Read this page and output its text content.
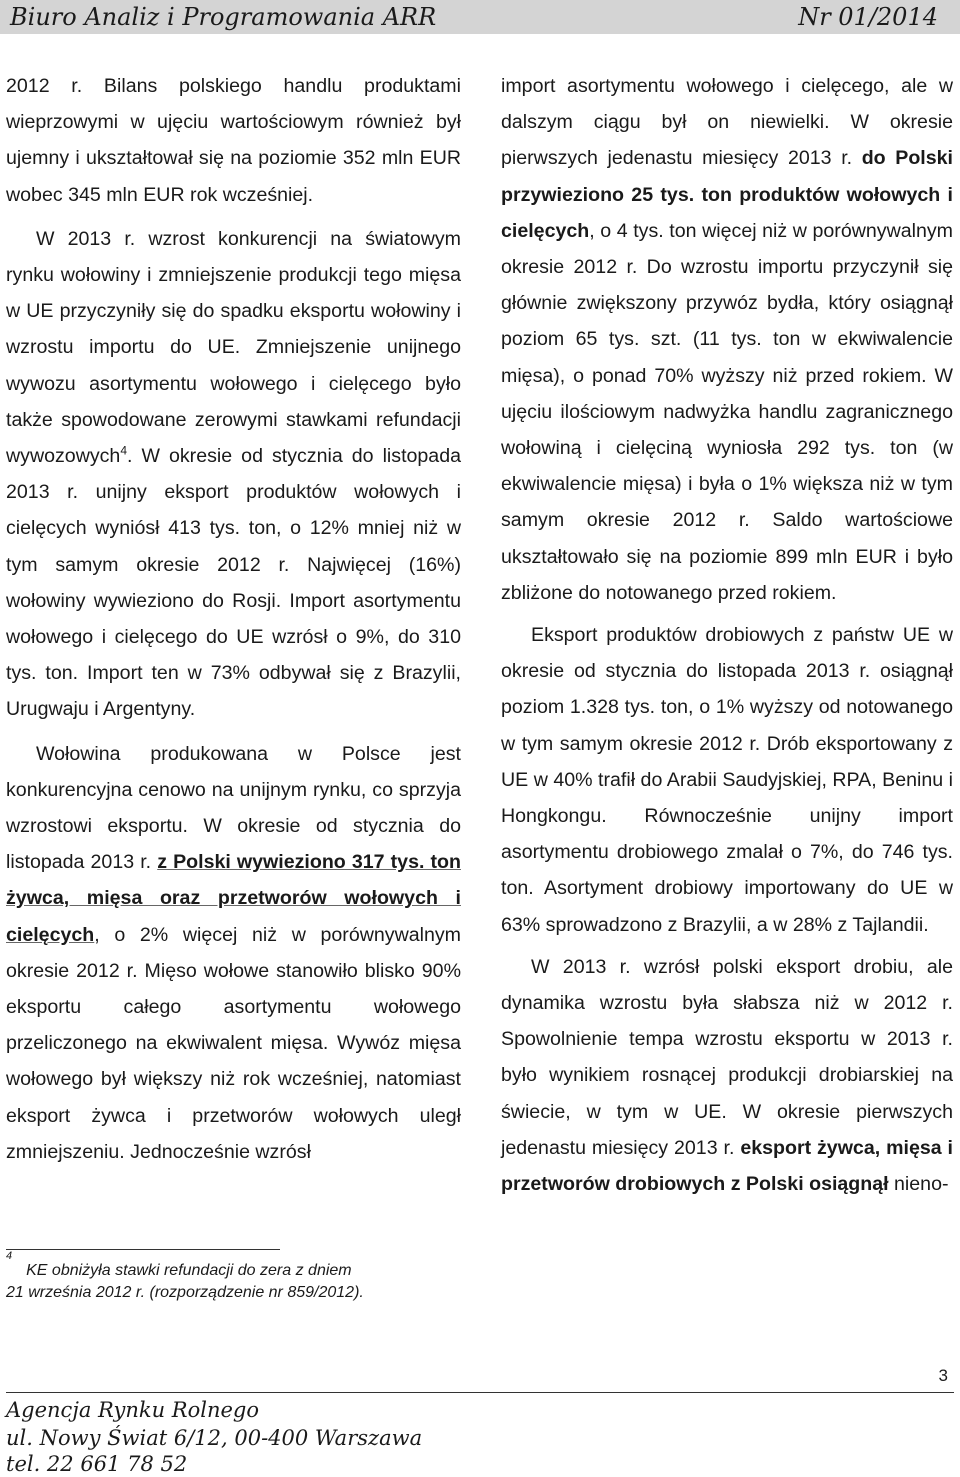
Biuro Analiz i Programowania ARR	Nr 01/2014

2012 r. Bilans polskiego handlu produktami wieprzowymi w ujęciu wartościowym również był ujemny i ukształtował się na poziomie 352 mln EUR wobec 345 mln EUR rok wcześniej.

W 2013 r. wzrost konkurencji na światowym rynku wołowiny i zmniejszenie produkcji tego mięsa w UE przyczyniły się do spadku eksportu wołowiny i wzrostu importu do UE. Zmniejszenie unijnego wywozu asortymentu wołowego i cielęcego było także spowodowane zerowymi stawkami refundacji wywozowych$^4$. W okresie od stycznia do listopada 2013 r. unijny eksport produktów wołowych i cielęcych wyniósł 413 tys. ton, o 12% mniej niż w tym samym okresie 2012 r. Najwięcej (16%) wołowiny wywieziono do Rosji. Import asortymentu wołowego i cielęcego do UE wzrósł o 9%, do 310 tys. ton. Import ten w 73% odbywał się z Brazylii, Urugwaju i Argentyny.

Wołowina produkowana w Polsce jest konkurencyjna cenowo na unijnym rynku, co sprzyja wzrostowi eksportu. W okresie od stycznia do listopada 2013 r. z Polski wywieziono 317 tys. ton żywca, mięsa oraz przetworów wołowych i cielęcych, o 2% więcej niż w porównywalnym okresie 2012 r. Mięso wołowe stanowiło blisko 90% eksportu całego asortymentu wołowego przeliczonego na ekwiwalent mięsa. Wywóz mięsa wołowego był większy niż rok wcześniej, natomiast eksport żywca i przetworów wołowych uległ zmniejszeniu. Jednocześnie wzrósł

import asortymentu wołowego i cielęcego, ale w dalszym ciągu był on niewielki. W okresie pierwszych jedenastu miesięcy 2013 r. do Polski przywieziono 25 tys. ton produktów wołowych i cielęcych, o 4 tys. ton więcej niż w porównywalnym okresie 2012 r. Do wzrostu importu przyczynił się głównie zwiększony przywóz bydła, który osiągnął poziom 65 tys. szt. (11 tys. ton w ekwiwalencie mięsa), o ponad 70% wyższy niż przed rokiem. W ujęciu ilościowym nadwyżka handlu zagranicznego wołowiną i cielęciną wyniosła 292 tys. ton (w ekwiwalencie mięsa) i była o 1% większa niż w tym samym okresie 2012 r. Saldo wartościowe ukształtowało się na poziomie 899 mln EUR i było zbliżone do notowanego przed rokiem.

Eksport produktów drobiowych z państw UE w okresie od stycznia do listopada 2013 r. osiągnął poziom 1.328 tys. ton, o 1% wyższy od notowanego w tym samym okresie 2012 r. Drób eksportowany z UE w 40% trafił do Arabii Saudyjskiej, RPA, Beninu i Hongkongu. Równocześnie unijny import asortymentu drobiowego zmalał o 7%, do 746 tys. ton. Asortyment drobiowy importowany do UE w 63% sprowadzono z Brazylii, a w 28% z Tajlandii.

W 2013 r. wzrósł polski eksport drobiu, ale dynamika wzrostu była słabsza niż w 2012 r. Spowolnienie tempa wzrostu eksportu w 2013 r. było wynikiem rosnącej produkcji drobiarskiej na świecie, w tym w UE. W okresie pierwszych jedenastu miesięcy 2013 r. eksport żywca, mięsa i przetworów drobiowych z Polski osiągnął nieno-

$^4$KE obniżyła stawki refundacji do zera z dniem
21 września 2012 r. (rozporządzenie nr 859/2012).
3
Agencja Rynku Rolnego
ul. Nowy Świat 6/12, 00-400 Warszawa
tel. 22 661 78 52
